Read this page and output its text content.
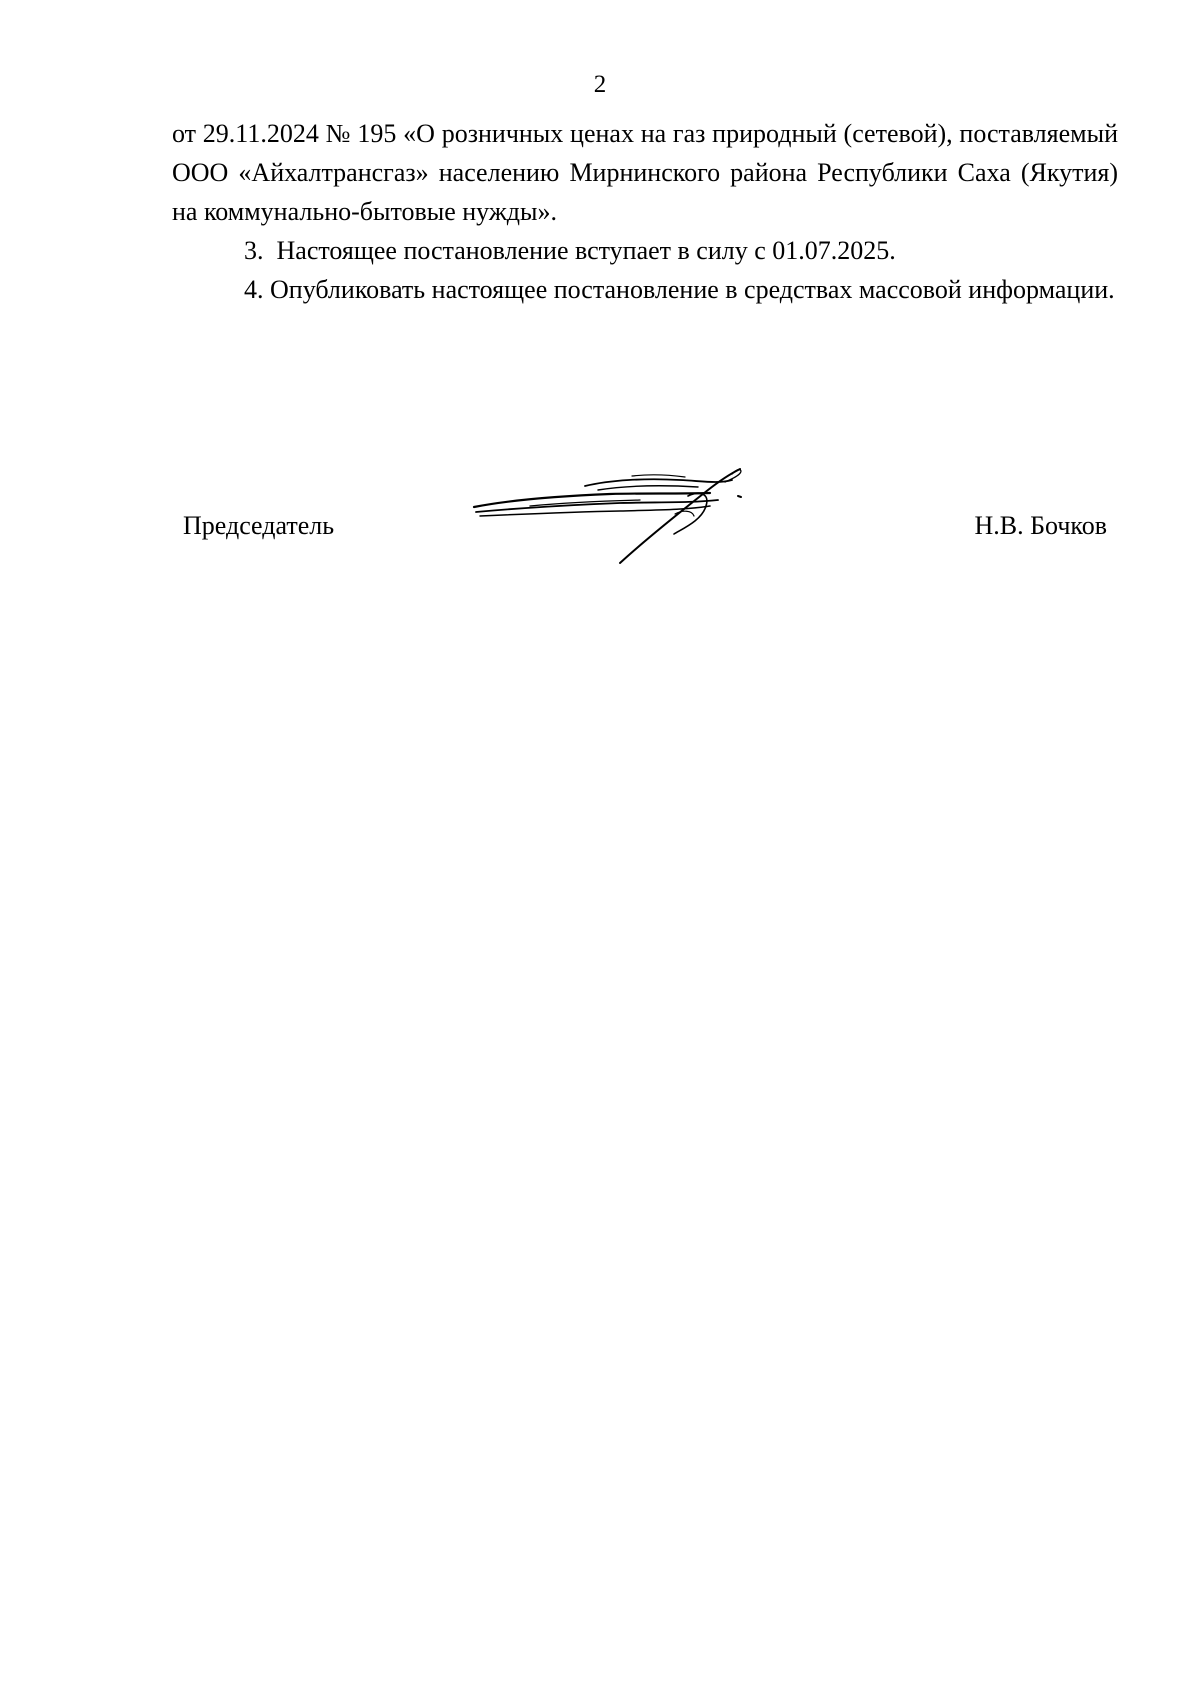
2

от 29.11.2024 № 195 «О розничных ценах на газ природный (сетевой), поставляемый ООО «Айхалтрансгаз» населению Мирнинского района Республики Саха (Якутия) на коммунально-бытовые нужды».

3.  Настоящее постановление вступает в силу с 01.07.2025.

4. Опубликовать настоящее постановление в средствах массовой информации.

Председатель	Н.В. Бочков
